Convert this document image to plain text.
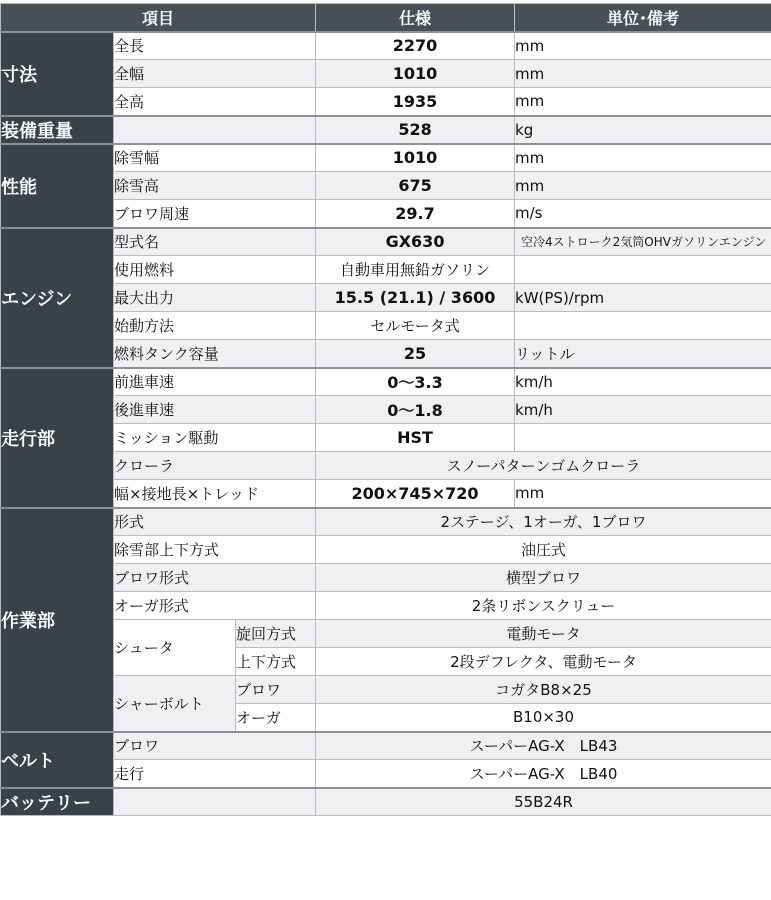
項目			仕様	単位･備考
寸法	全長		2270	mm
	全幅		1010	mm
	全高		1935	mm
装備重量			528	kg
性能	除雪幅		1010	mm
	除雪高		675	mm
	ブロワ周速		29.7	m/s
エンジン	型式名		GX630	空冷4ストローク2気筒OHVガソリンエンジン
	使用燃料		自動車用無鉛ガソリン	
	最大出力		15.5 (21.1) / 3600	kW(PS)/rpm
	始動方法		セルモータ式	
	燃料タンク容量		25	リットル
走行部	前進車速		0〜3.3	km/h
	後進車速		0〜1.8	km/h
	ミッション駆動		HST	
	クローラ		スノーパターンゴムクローラ	
	幅×接地長×トレッド		200×745×720	mm
作業部	形式		2ステージ、1オーガ、1ブロワ	
	除雪部上下方式		油圧式	
	ブロワ形式		横型ブロワ	
	オーガ形式		2条リボンスクリュー	
	シュータ	旋回方式	電動モータ	
		上下方式	2段デフレクタ、電動モータ	
	シャーボルト	ブロワ	コガタB8×25	
		オーガ	B10×30	
ベルト	ブロワ		スーパーAG-X　LB43	
	走行		スーパーAG-X　LB40	
バッテリー			55B24R	
